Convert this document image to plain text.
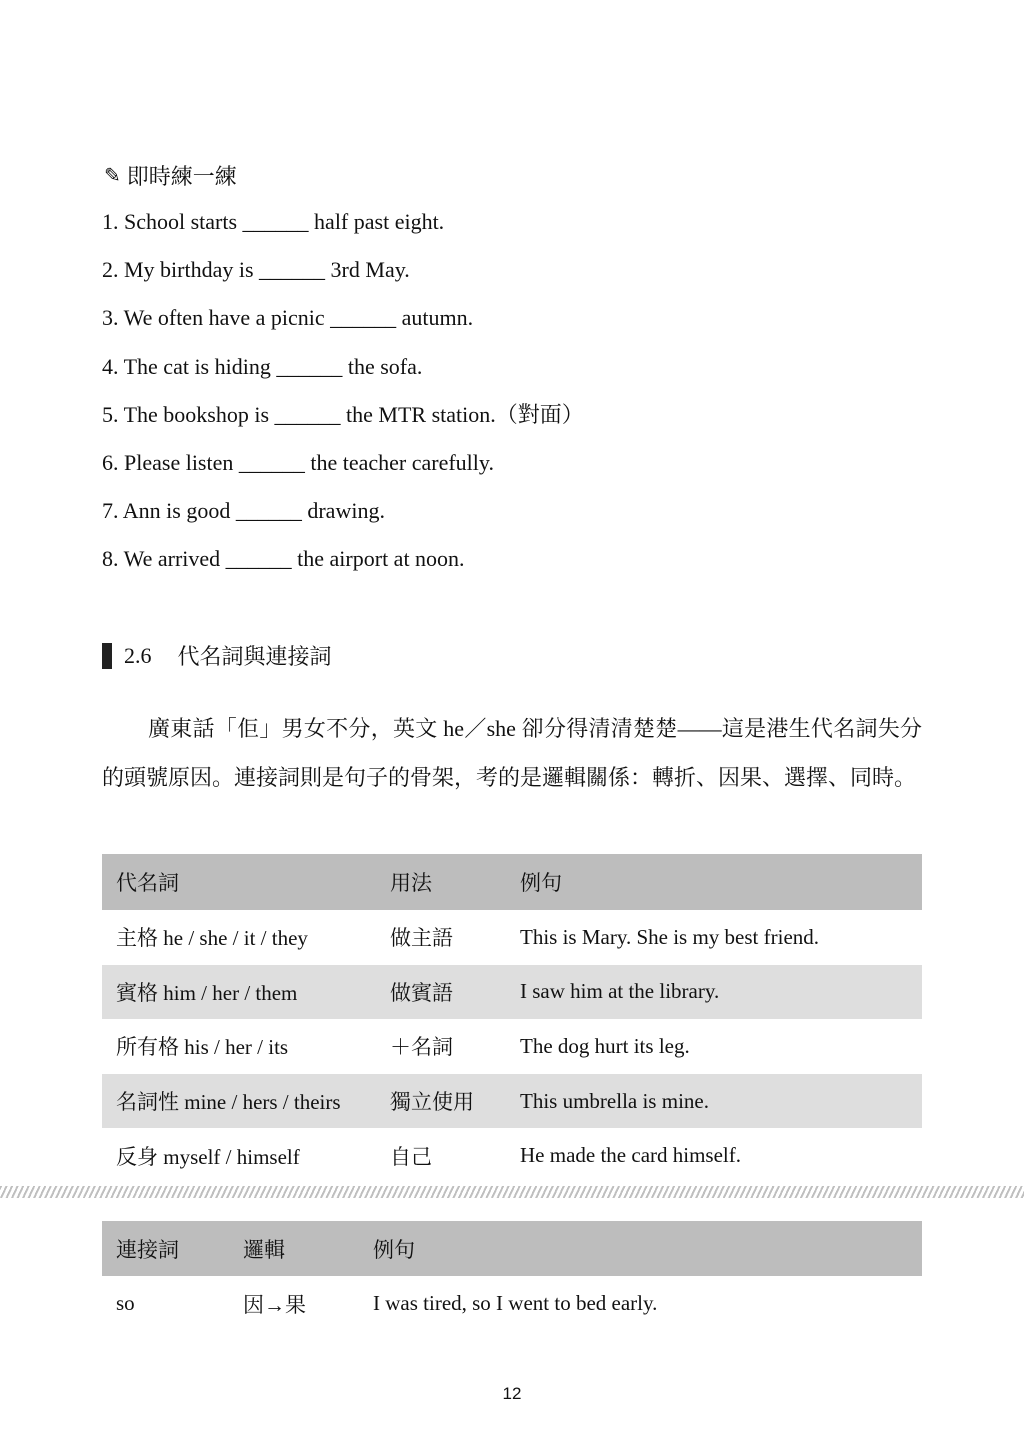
✎ 即時練一練
1. School starts ______ half past eight.
2. My birthday is ______ 3rd May.
3. We often have a picnic ______ autumn.
4. The cat is hiding ______ the sofa.
5. The bookshop is ______ the MTR station.（對面）
6. Please listen ______ the teacher carefully.
7. Ann is good ______ drawing.
8. We arrived ______ the airport at noon.
2.6 代名詞與連接詞

廣東話「佢」男女不分，英文 he／she 卻分得清清楚楚——這是港生代名詞失分的頭號原因。連接詞則是句子的骨架，考的是邏輯關係：轉折、因果、選擇、同時。

代名詞	用法	例句
主格 he / she / it / they	做主語	This is Mary. She is my best friend.
賓格 him / her / them	做賓語	I saw him at the library.
所有格 his / her / its	＋名詞	The dog hurt its leg.
名詞性 mine / hers / theirs	獨立使用	This umbrella is mine.
反身 myself / himself	自己	He made the card himself.
連接詞	邏輯	例句
so	因→果	I was tired, so I went to bed early.
12
